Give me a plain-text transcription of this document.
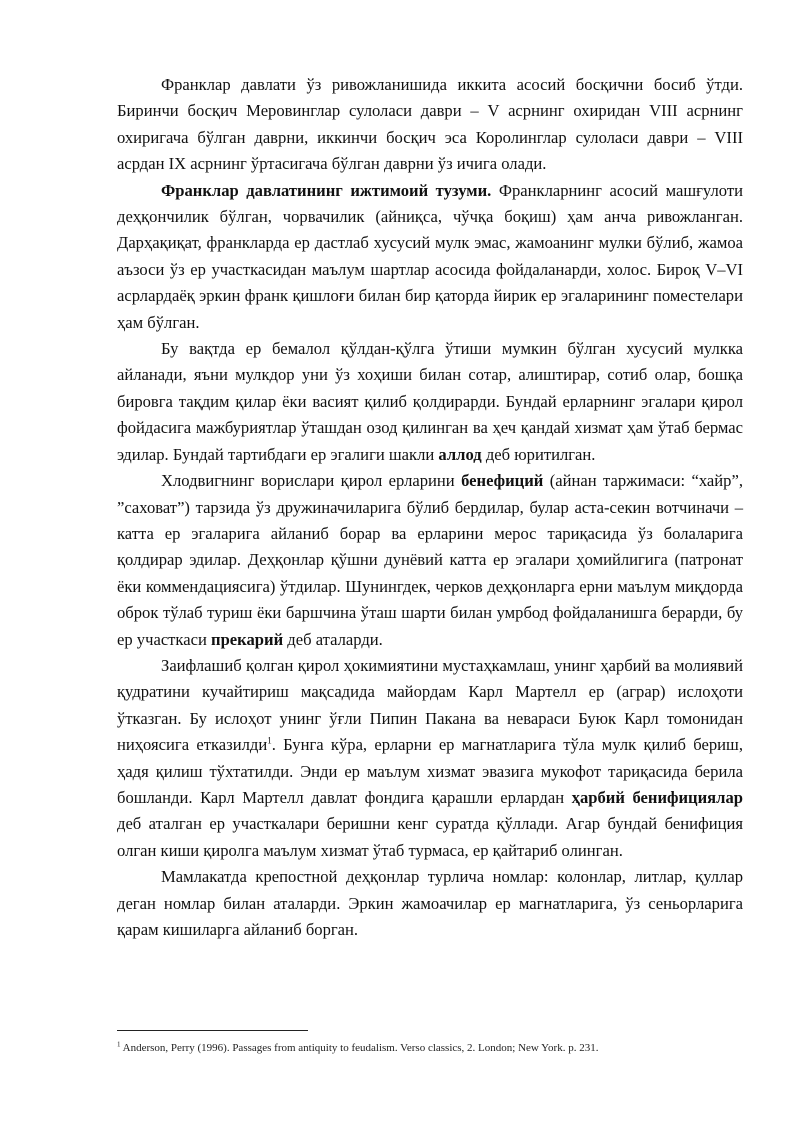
Франклар давлати ўз ривожланишида иккита асосий босқични босиб ўтди. Биринчи босқич Меровинглар сулоласи даври – V асрнинг охиридан VIII асрнинг охиригача бўлган даврни, иккинчи босқич эса Королинглар сулоласи даври – VIII асрдан IX асрнинг ўртасигача бўлган даврни ўз ичига олади.

Франклар давлатининг ижтимоий тузуми. Франкларнинг асосий машғулоти деҳқончилик бўлган, чорвачилик (айниқса, чўчқа боқиш) ҳам анча ривожланган. Дарҳақиқат, франкларда ер дастлаб хусусий мулк эмас, жамоанинг мулки бўлиб, жамоа аъзоси ўз ер участкасидан маълум шартлар асосида фойдаланарди, холос. Бироқ V–VI асрлардаёқ эркин франк қишлоғи билан бир қаторда йирик ер эгаларининг поместелари ҳам бўлган.

Бу вақтда ер бемалол қўлдан-қўлга ўтиши мумкин бўлган хусусий мулкка айланади, яъни мулкдор уни ўз хоҳиши билан сотар, алиштирар, сотиб олар, бошқа бировга тақдим қилар ёки васият қилиб қолдирарди. Бундай ерларнинг эгалари қирол фойдасига мажбуриятлар ўташдан озод қилинган ва ҳеч қандай хизмат ҳам ўтаб бермас эдилар. Бундай тартибдаги ер эгалиги шакли аллод деб юритилган.

Хлодвигнинг ворислари қирол ерларини бенефиций (айнан таржимаси: “хайр”, ”саховат”) тарзида ўз дружиначиларига бўлиб бердилар, булар аста-секин вотчиначи – катта ер эгаларига айланиб борар ва ерларини мерос тариқасида ўз болаларига қолдирар эдилар. Деҳқонлар қўшни дунёвий катта ер эгалари ҳомийлигига (патронат ёки коммендациясига) ўтдилар. Шунингдек, черков деҳқонларга ерни маълум миқдорда оброк тўлаб туриш ёки баршчина ўташ шарти билан умрбод фойдаланишга берарди, бу ер участкаси прекарий деб аталарди.

Заифлашиб қолган қирол ҳокимиятини мустаҳкамлаш, унинг ҳарбий ва молиявий қудратини кучайтириш мақсадида майордам Карл Мартелл ер (аграр) ислоҳоти ўтказган. Бу ислоҳот унинг ўғли Пипин Пакана ва невараси Буюк Карл томонидан ниҳоясига етказилди$^1$. Бунга кўра, ерларни ер магнатларига тўла мулк қилиб бериш, ҳадя қилиш тўхтатилди. Энди ер маълум хизмат эвазига мукофот тариқасида берила бошланди. Карл Мартелл давлат фондига қарашли ерлардан ҳарбий бенифициялар деб аталган ер участкалари беришни кенг суратда қўллади. Агар бундай бенифиция олган киши қиролга маълум хизмат ўтаб турмаса, ер қайтариб олинган.

Мамлакатда крепостной деҳқонлар турлича номлар: колонлар, литлар, қуллар деган номлар билан аталарди. Эркин жамоачилар ер магнатларига, ўз сеньорларига қарам кишиларга айланиб борган.

$^1$ Anderson, Perry (1996). Passages from antiquity to feudalism. Verso classics, 2. London; New York. p. 231.
